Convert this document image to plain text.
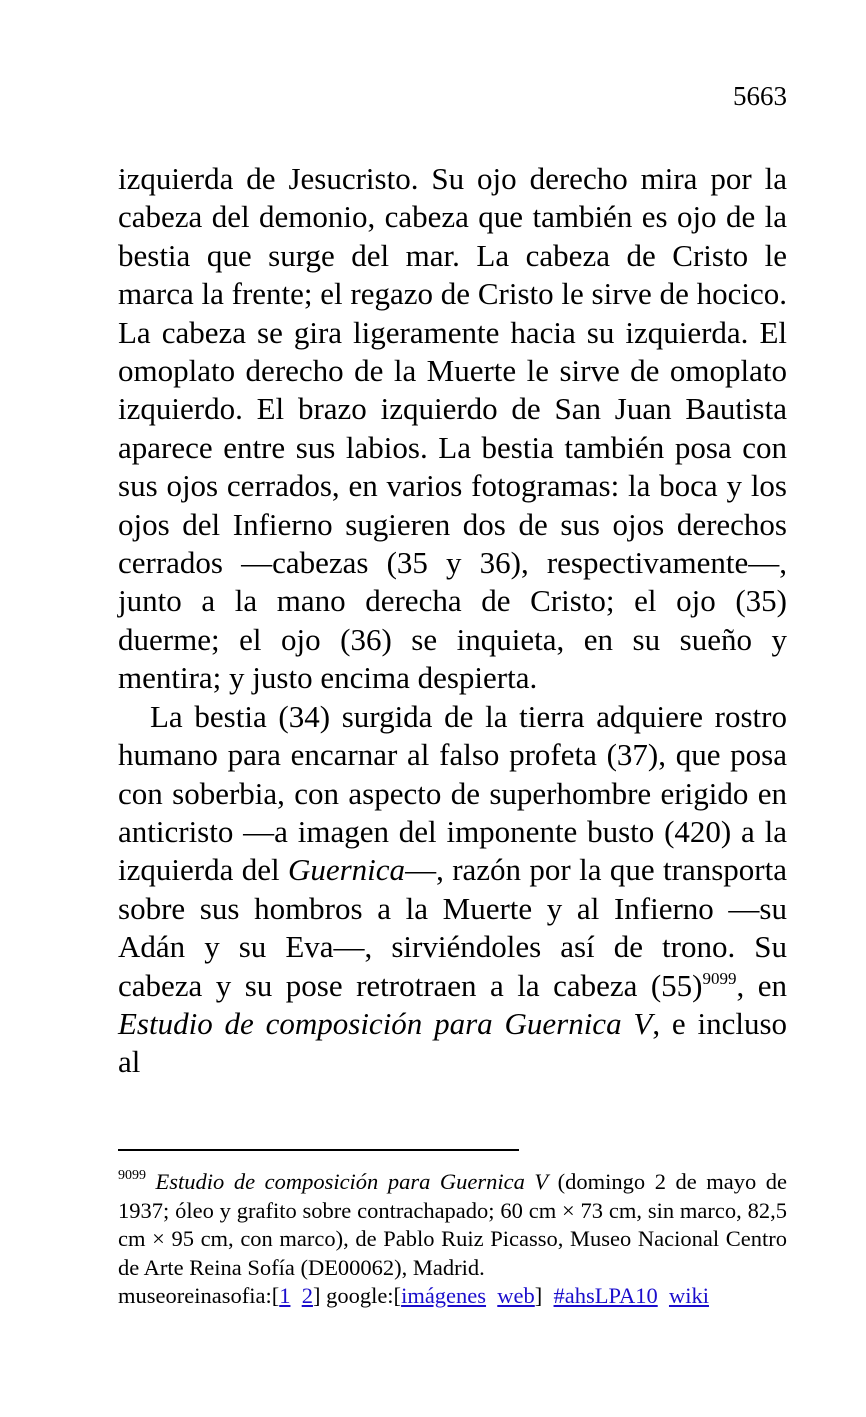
5663

izquierda de Jesucristo. Su ojo derecho mira por la cabeza del demonio, cabeza que también es ojo de la bestia que surge del mar. La cabeza de Cristo le marca la frente; el regazo de Cristo le sirve de hocico. La cabeza se gira ligeramente hacia su izquierda. El omoplato derecho de la Muerte le sirve de omoplato izquierdo. El brazo izquierdo de San Juan Bautista aparece entre sus labios. La bestia también posa con sus ojos cerrados, en varios fotogramas: la boca y los ojos del Infierno sugieren dos de sus ojos derechos cerrados —cabezas (35 y 36), respectivamente—, junto a la mano derecha de Cristo; el ojo (35) duerme; el ojo (36) se inquieta, en su sueño y mentira; y justo encima despierta.

La bestia (34) surgida de la tierra adquiere rostro humano para encarnar al falso profeta (37), que posa con soberbia, con aspecto de superhombre erigido en anticristo —a imagen del imponente busto (420) a la izquierda del Guernica—, razón por la que transporta sobre sus hombros a la Muerte y al Infierno —su Adán y su Eva—, sirviéndoles así de trono. Su cabeza y su pose retrotraen a la cabeza $(55)^{9099}$, en Estudio de composición para Guernica V, e incluso al

$^{9099}$ Estudio de composición para Guernica V (domingo 2 de mayo de 1937; óleo y grafito sobre contrachapado; 60 cm × 73 cm, sin marco, 82,5 cm × 95 cm, con marco), de Pablo Ruiz Picasso, Museo Nacional Centro de Arte Reina Sofía (DE00062), Madrid.
museoreinasofia:[1 2] google:[imágenes web] #ahsLPA10 wiki
